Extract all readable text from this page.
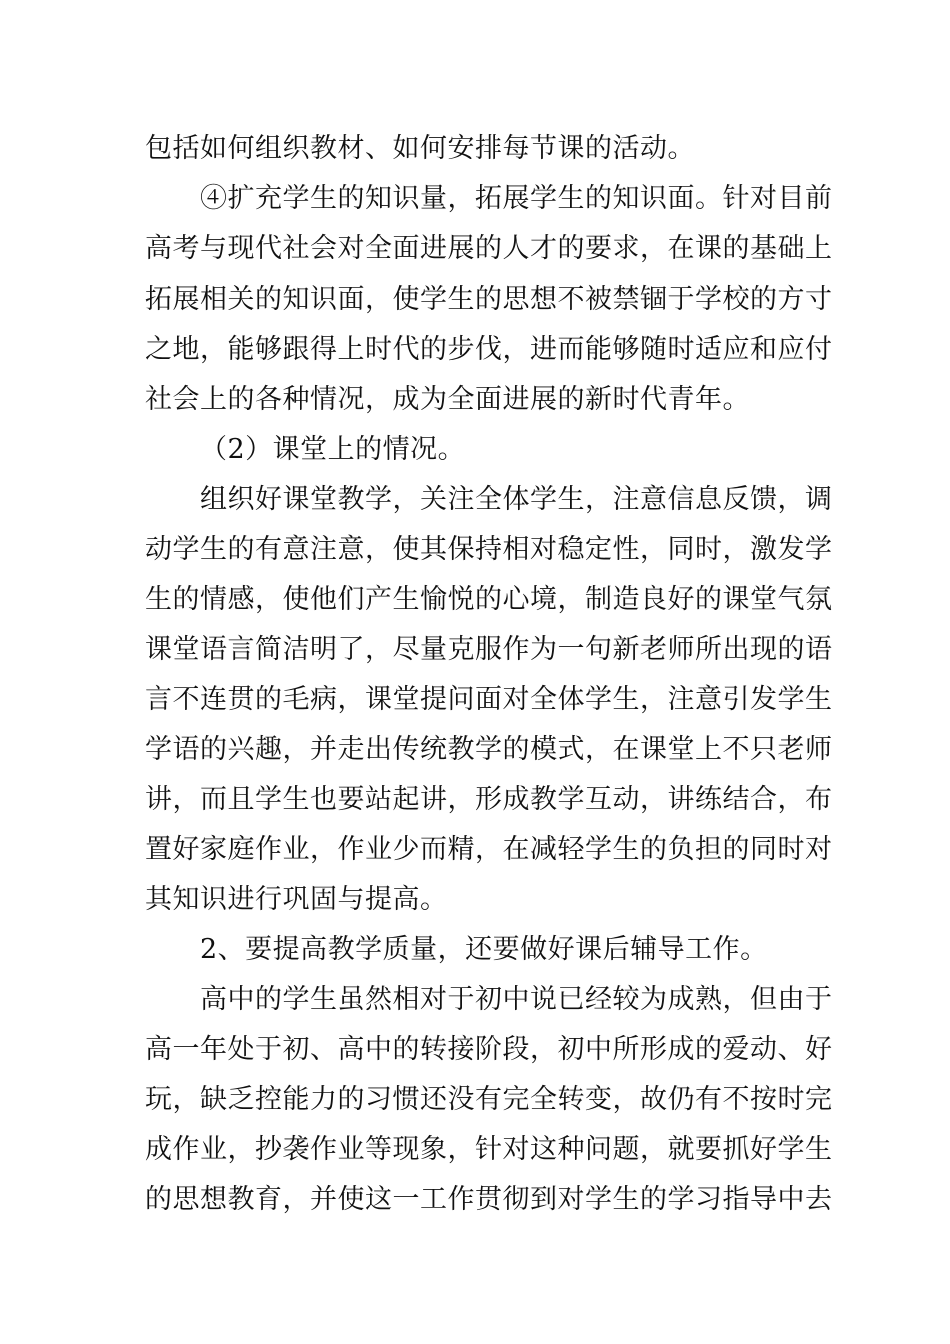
包括如何组织教材、如何安排每节课的活动。
④扩充学生的知识量，拓展学生的知识面。针对目前
高考与现代社会对全面进展的人才的要求，在课的基础上
拓展相关的知识面，使学生的思想不被禁锢于学校的方寸
之地，能够跟得上时代的步伐，进而能够随时适应和应付
社会上的各种情况，成为全面进展的新时代青年。
（2）课堂上的情况。
组织好课堂教学，关注全体学生，注意信息反馈，调
动学生的有意注意，使其保持相对稳定性，同时，激发学
生的情感，使他们产生愉悦的心境，制造良好的课堂气氛
课堂语言简洁明了，尽量克服作为一句新老师所出现的语
言不连贯的毛病，课堂提问面对全体学生，注意引发学生
学语的兴趣，并走出传统教学的模式，在课堂上不只老师
讲，而且学生也要站起讲，形成教学互动，讲练结合，布
置好家庭作业，作业少而精，在减轻学生的负担的同时对
其知识进行巩固与提高。
2、要提高教学质量，还要做好课后辅导工作。
高中的学生虽然相对于初中说已经较为成熟，但由于
高一年处于初、高中的转接阶段，初中所形成的爱动、好
玩，缺乏控能力的习惯还没有完全转变，故仍有不按时完
成作业，抄袭作业等现象，针对这种问题，就要抓好学生
的思想教育，并使这一工作贯彻到对学生的学习指导中去
